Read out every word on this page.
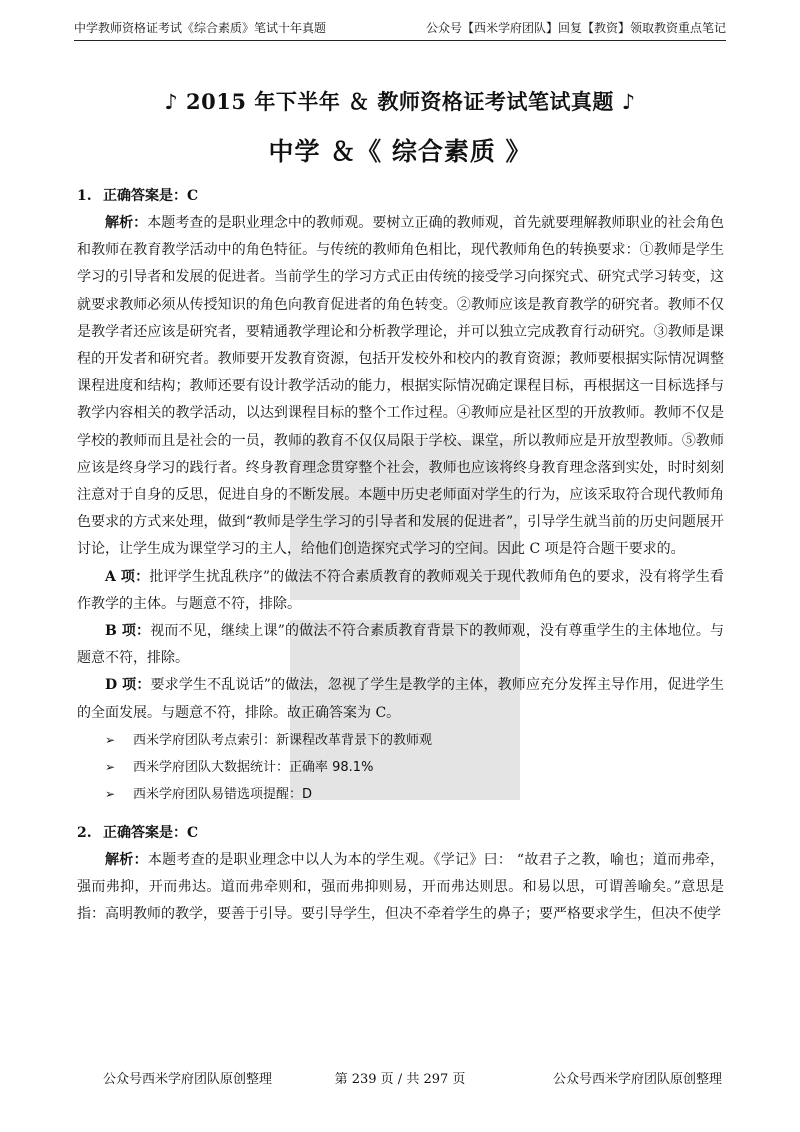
中学教师资格证考试《综合素质》笔试十年真题	公众号【西米学府团队】回复【教资】领取教资重点笔记
♪ 2015 年下半年 ＆ 教师资格证考试笔试真题 ♪
中学 ＆《 综合素质 》

1. 正确答案是：C

解析：本题考查的是职业理念中的教师观。要树立正确的教师观，首先就要理解教师职业的社会角色和教师在教育教学活动中的角色特征。与传统的教师角色相比，现代教师角色的转换要求：①教师是学生学习的引导者和发展的促进者。当前学生的学习方式正由传统的接受学习向探究式、研究式学习转变，这就要求教师必须从传授知识的角色向教育促进者的角色转变。②教师应该是教育教学的研究者。教师不仅是教学者还应该是研究者，要精通教学理论和分析教学理论，并可以独立完成教育行动研究。③教师是课程的开发者和研究者。教师要开发教育资源，包括开发校外和校内的教育资源；教师要根据实际情况调整课程进度和结构；教师还要有设计教学活动的能力，根据实际情况确定课程目标，再根据这一目标选择与教学内容相关的教学活动，以达到课程目标的整个工作过程。④教师应是社区型的开放教师。教师不仅是学校的教师而且是社会的一员，教师的教育不仅仅局限于学校、课堂，所以教师应是开放型教师。⑤教师应该是终身学习的践行者。终身教育理念贯穿整个社会，教师也应该将终身教育理念落到实处，时时刻刻注意对于自身的反思，促进自身的不断发展。本题中历史老师面对学生的行为，应该采取符合现代教师角色要求的方式来处理，做到“教师是学生学习的引导者和发展的促进者”，引导学生就当前的历史问题展开讨论，让学生成为课堂学习的主人，给他们创造探究式学习的空间。因此 C 项是符合题干要求的。

A 项：批评学生扰乱秩序”的做法不符合素质教育的教师观关于现代教师角色的要求，没有将学生看作教学的主体。与题意不符，排除。

B 项：视而不见，继续上课”的做法不符合素质教育背景下的教师观，没有尊重学生的主体地位。与题意不符，排除。

D 项：要求学生不乱说话”的做法，忽视了学生是教学的主体，教师应充分发挥主导作用，促进学生的全面发展。与题意不符，排除。故正确答案为 C。

➢ 西米学府团队考点索引：新课程改革背景下的教师观

➢ 西米学府团队大数据统计：正确率 98.1%

➢ 西米学府团队易错选项提醒：D

2. 正确答案是：C

解析：本题考查的是职业理念中以人为本的学生观。《学记》曰： “故君子之教，喻也；道而弗牵，强而弗抑，开而弗达。道而弗牵则和，强而弗抑则易，开而弗达则思。和易以思，可谓善喻矣。”意思是指：高明教师的教学，要善于引导。要引导学生，但决不牵着学生的鼻子；要严格要求学生，但决不使学

公众号西米学府团队原创整理	第 239 页 / 共 297 页	公众号西米学府团队原创整理
